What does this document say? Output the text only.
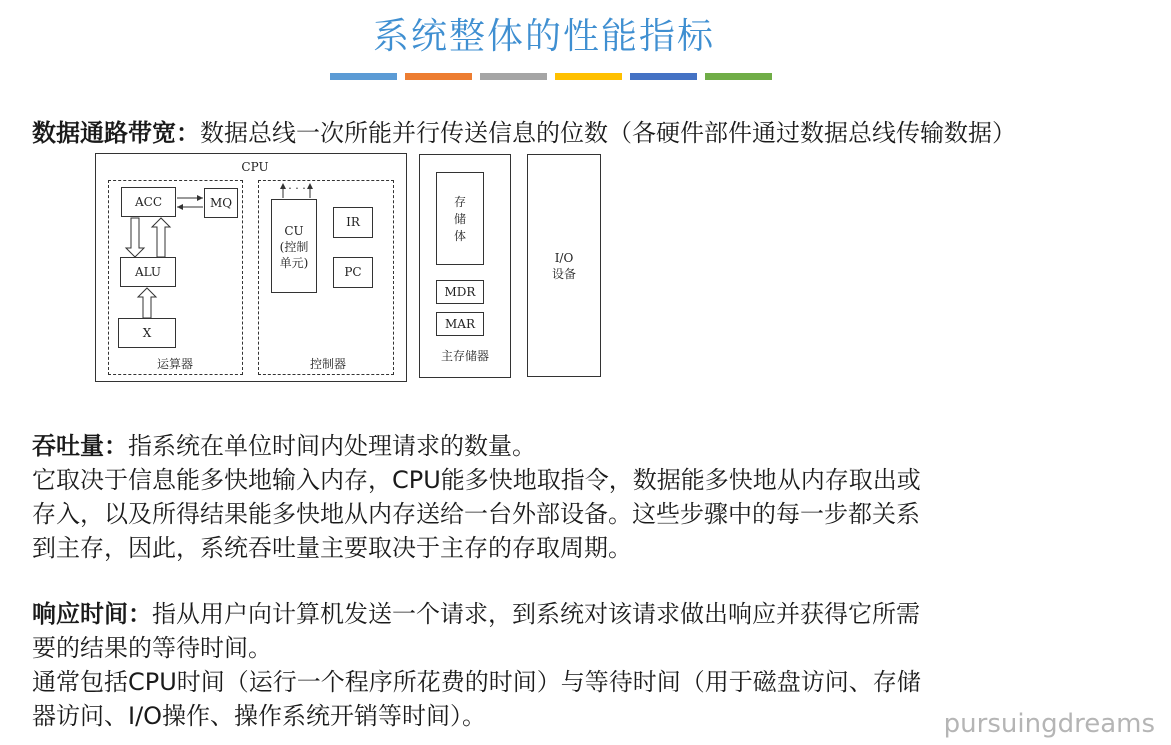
系统整体的性能指标
数据通路带宽：数据总线一次所能并行传送信息的位数（各硬件部件通过数据总线传输数据）
CPU
ACC	MQ
ALU
X
运算器
CU
(控制
单元)
· · ·
IR
PC
控制器
存
储
体
MDR
MAR
主存储器
I/O
设备
吞吐量：指系统在单位时间内处理请求的数量。
它取决于信息能多快地输入内存，CPU能多快地取指令，数据能多快地从内存取出或
存入，以及所得结果能多快地从内存送给一台外部设备。这些步骤中的每一步都关系
到主存，因此，系统吞吐量主要取决于主存的存取周期。
响应时间：指从用户向计算机发送一个请求，到系统对该请求做出响应并获得它所需
要的结果的等待时间。
通常包括CPU时间（运行一个程序所花费的时间）与等待时间（用于磁盘访问、存储
器访问、I/O操作、操作系统开销等时间）。	pursuingdreams
